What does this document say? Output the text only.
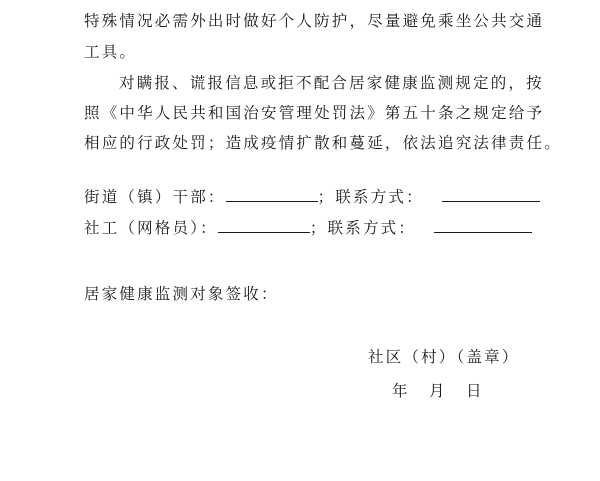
特殊情况必需外出时做好个人防护，尽量避免乘坐公共交通
工具。
对瞒报、谎报信息或拒不配合居家健康监测规定的，按
照《中华人民共和国治安管理处罚法》第五十条之规定给予
相应的行政处罚；造成疫情扩散和蔓延，依法追究法律责任。
街道（镇）干部：	；联系方式：
社工（网格员）：	；联系方式：
居家健康监测对象签收：
社区（村）（盖章）
年　月　日
